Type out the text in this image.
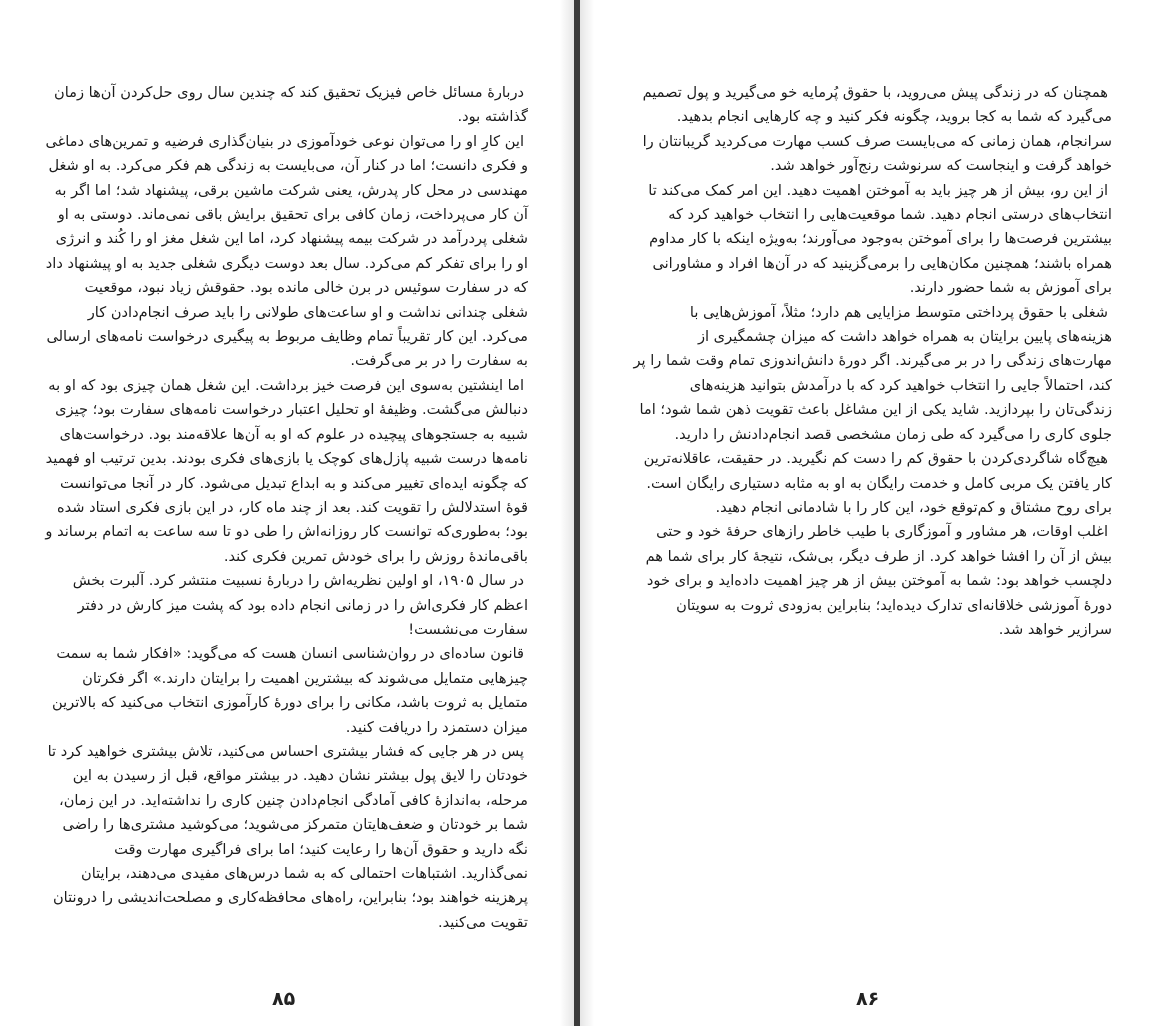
دربارهٔ مسائل خاص فیزیک تحقیق کند که چندین سال روی حل‌کردن آن‌ها زمان گذاشته بود.

این کارِ او را می‌توان نوعی خودآموزی در بنیان‌گذاری فرضیه و تمرین‌های دماغی و فکری دانست؛ اما در کنار آن، می‌بایست به زندگی هم فکر می‌کرد. به او شغل مهندسی در محل کار پدرش، یعنی شرکت ماشین برقی، پیشنهاد شد؛ اما اگر به آن کار می‌پرداخت، زمان کافی برای تحقیق برایش باقی نمی‌ماند. دوستی به او شغلی پردرآمد در شرکت بیمه پیشنهاد کرد، اما این شغل مغز او را کُند و انرژی او را برای تفکر کم می‌کرد. سال بعد دوست دیگری شغلی جدید به او پیشنهاد داد که در سفارت سوئیس در برن خالی مانده بود. حقوقش زیاد نبود، موقعیت شغلی چندانی نداشت و او ساعت‌های طولانی را باید صرف انجام‌دادن کار می‌کرد. این کار تقریباً تمام وظایف مربوط به پیگیری درخواست نامه‌های ارسالی به سفارت را در بر می‌گرفت.

اما اینشتین به‌سوی این فرصت خیز برداشت. این شغل همان چیزی بود که او به دنبالش می‌گشت. وظیفهٔ او تحلیل اعتبار درخواست نامه‌های سفارت بود؛ چیزی شبیه به جستجوهای پیچیده در علوم که او به آن‌ها علاقه‌مند بود. درخواست‌های نامه‌ها درست شبیه پازل‌های کوچک یا بازی‌های فکری بودند. بدین ترتیب او فهمید که چگونه ایده‌ای تغییر می‌کند و به ابداع تبدیل می‌شود. کار در آنجا می‌توانست قوهٔ استدلالش را تقویت کند. بعد از چند ماه کار، در این بازی فکری استاد شده بود؛ به‌طوری‌که توانست کار روزانه‌اش را طی دو تا سه ساعت به اتمام برساند و باقی‌ماندهٔ روزش را برای خودش تمرین فکری کند.

در سال ۱۹۰۵، او اولین نظریه‌اش را دربارهٔ نسبیت منتشر کرد. آلبرت بخش اعظم کار فکری‌اش را در زمانی انجام داده بود که پشت میز کارش در دفتر سفارت می‌نشست!

قانون ساده‌ای در روان‌شناسی انسان هست که می‌گوید: «افکار شما به سمت چیزهایی متمایل می‌شوند که بیشترین اهمیت را برایتان دارند.» اگر فکرتان متمایل به ثروت باشد، مکانی را برای دورهٔ کارآموزی انتخاب می‌کنید که بالاترین میزان دستمزد را دریافت کنید.

پس در هر جایی که فشار بیشتری احساس می‌کنید، تلاش بیشتری خواهید کرد تا خودتان را لایق پول بیشتر نشان دهید. در بیشتر مواقع، قبل از رسیدن به این مرحله، به‌اندازهٔ کافی آمادگی انجام‌دادن چنین کاری را نداشته‌اید. در این زمان، شما بر خودتان و ضعف‌هایتان متمرکز می‌شوید؛ می‌کوشید مشتری‌ها را راضی نگه دارید و حقوق آن‌ها را رعایت کنید؛ اما برای فراگیری مهارت وقت نمی‌گذارید. اشتباهات احتمالی که به شما درس‌های مفیدی می‌دهند، برایتان پرهزینه خواهند بود؛ بنابراین، راه‌های محافظه‌کاری و مصلحت‌اندیشی را درونتان تقویت می‌کنید.

۸۵

همچنان که در زندگی پیش می‌روید، با حقوق پُرمایه خو می‌گیرید و پول تصمیم می‌گیرد که شما به کجا بروید، چگونه فکر کنید و چه کارهایی انجام بدهید. سرانجام، همان زمانی که می‌بایست صرف کسب مهارت می‌کردید گریبانتان را خواهد گرفت و اینجاست که سرنوشت رنج‌آور خواهد شد.

از این رو، بیش از هر چیز باید به آموختن اهمیت دهید. این امر کمک می‌کند تا انتخاب‌های درستی انجام دهید. شما موقعیت‌هایی را انتخاب خواهید کرد که بیشترین فرصت‌ها را برای آموختن به‌وجود می‌آورند؛ به‌ویژه اینکه با کار مداوم همراه باشند؛ همچنین مکان‌هایی را برمی‌گزینید که در آن‌ها افراد و مشاورانی برای آموزش به شما حضور دارند.

شغلی با حقوق پرداختی متوسط مزایایی هم دارد؛ مثلاً، آموزش‌هایی با هزینه‌های پایین برایتان به همراه خواهد داشت که میزان چشمگیری از مهارت‌های زندگی را در بر می‌گیرند. اگر دورهٔ دانش‌اندوزی تمام وقت شما را پر کند، احتمالاً جایی را انتخاب خواهید کرد که با درآمدش بتوانید هزینه‌های زندگی‌تان را بپردازید. شاید یکی از این مشاغل باعث تقویت ذهن شما شود؛ اما جلوی کاری را می‌گیرد که طی زمان مشخصی قصد انجام‌دادنش را دارید.

هیچ‌گاه شاگردی‌کردن با حقوق کم را دست کم نگیرید. در حقیقت، عاقلانه‌ترین کار یافتن یک مربی کامل و خدمت رایگان به او به مثابه دستیاری رایگان است. برای روح مشتاق و کم‌توقع خود، این کار را با شادمانی انجام دهید.

اغلب اوقات، هر مشاور و آموزگاری با طیب خاطر رازهای حرفهٔ خود و حتی بیش از آن را افشا خواهد کرد. از طرف دیگر، بی‌شک، نتیجهٔ کار برای شما هم دلچسب خواهد بود: شما به آموختن بیش از هر چیز اهمیت داده‌اید و برای خود دورهٔ آموزشی خلاقانه‌ای تدارک دیده‌اید؛ بنابراین به‌زودی ثروت به سویتان سرازیر خواهد شد.

۸۶
